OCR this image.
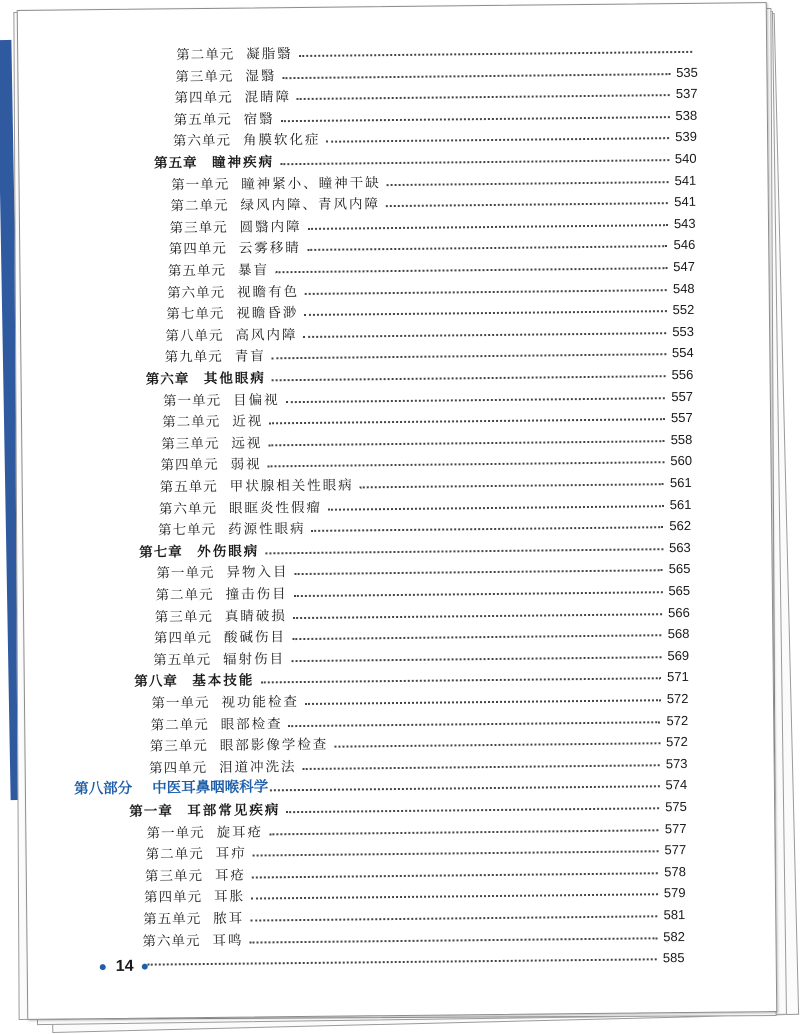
第二单元 凝脂翳
第三单元 湿翳	535
第四单元 混睛障	537
第五单元 宿翳	538
第六单元 角膜软化症	539
第五章	瞳神疾病	540
第一单元 瞳神紧小、瞳神干缺	541
第二单元 绿风内障、青风内障	541
第三单元 圆翳内障	543
第四单元 云雾移睛	546
第五单元 暴盲	547
第六单元 视瞻有色	548
第七单元 视瞻昏渺	552
第八单元 高风内障	553
第九单元 青盲	554
第六章	其他眼病	556
第一单元 目偏视	557
第二单元 近视	557
第三单元 远视	558
第四单元 弱视	560
第五单元 甲状腺相关性眼病	561
第六单元 眼眶炎性假瘤	561
第七单元 药源性眼病	562
第七章	外伤眼病	563
第一单元 异物入目	565
第二单元 撞击伤目	565
第三单元 真睛破损	566
第四单元 酸碱伤目	568
第五单元 辐射伤目	569
第八章	基本技能	571
第一单元 视功能检查	572
第二单元 眼部检查	572
第三单元 眼部影像学检查	572
第四单元 泪道冲洗法	573
第八部分	中医耳鼻咽喉科学	574
第一章	耳部常见疾病	575
第一单元 旋耳疮	577
第二单元 耳疖	577
第三单元 耳疮	578
第四单元 耳胀	579
第五单元 脓耳	581
第六单元 耳鸣	582
585
14
